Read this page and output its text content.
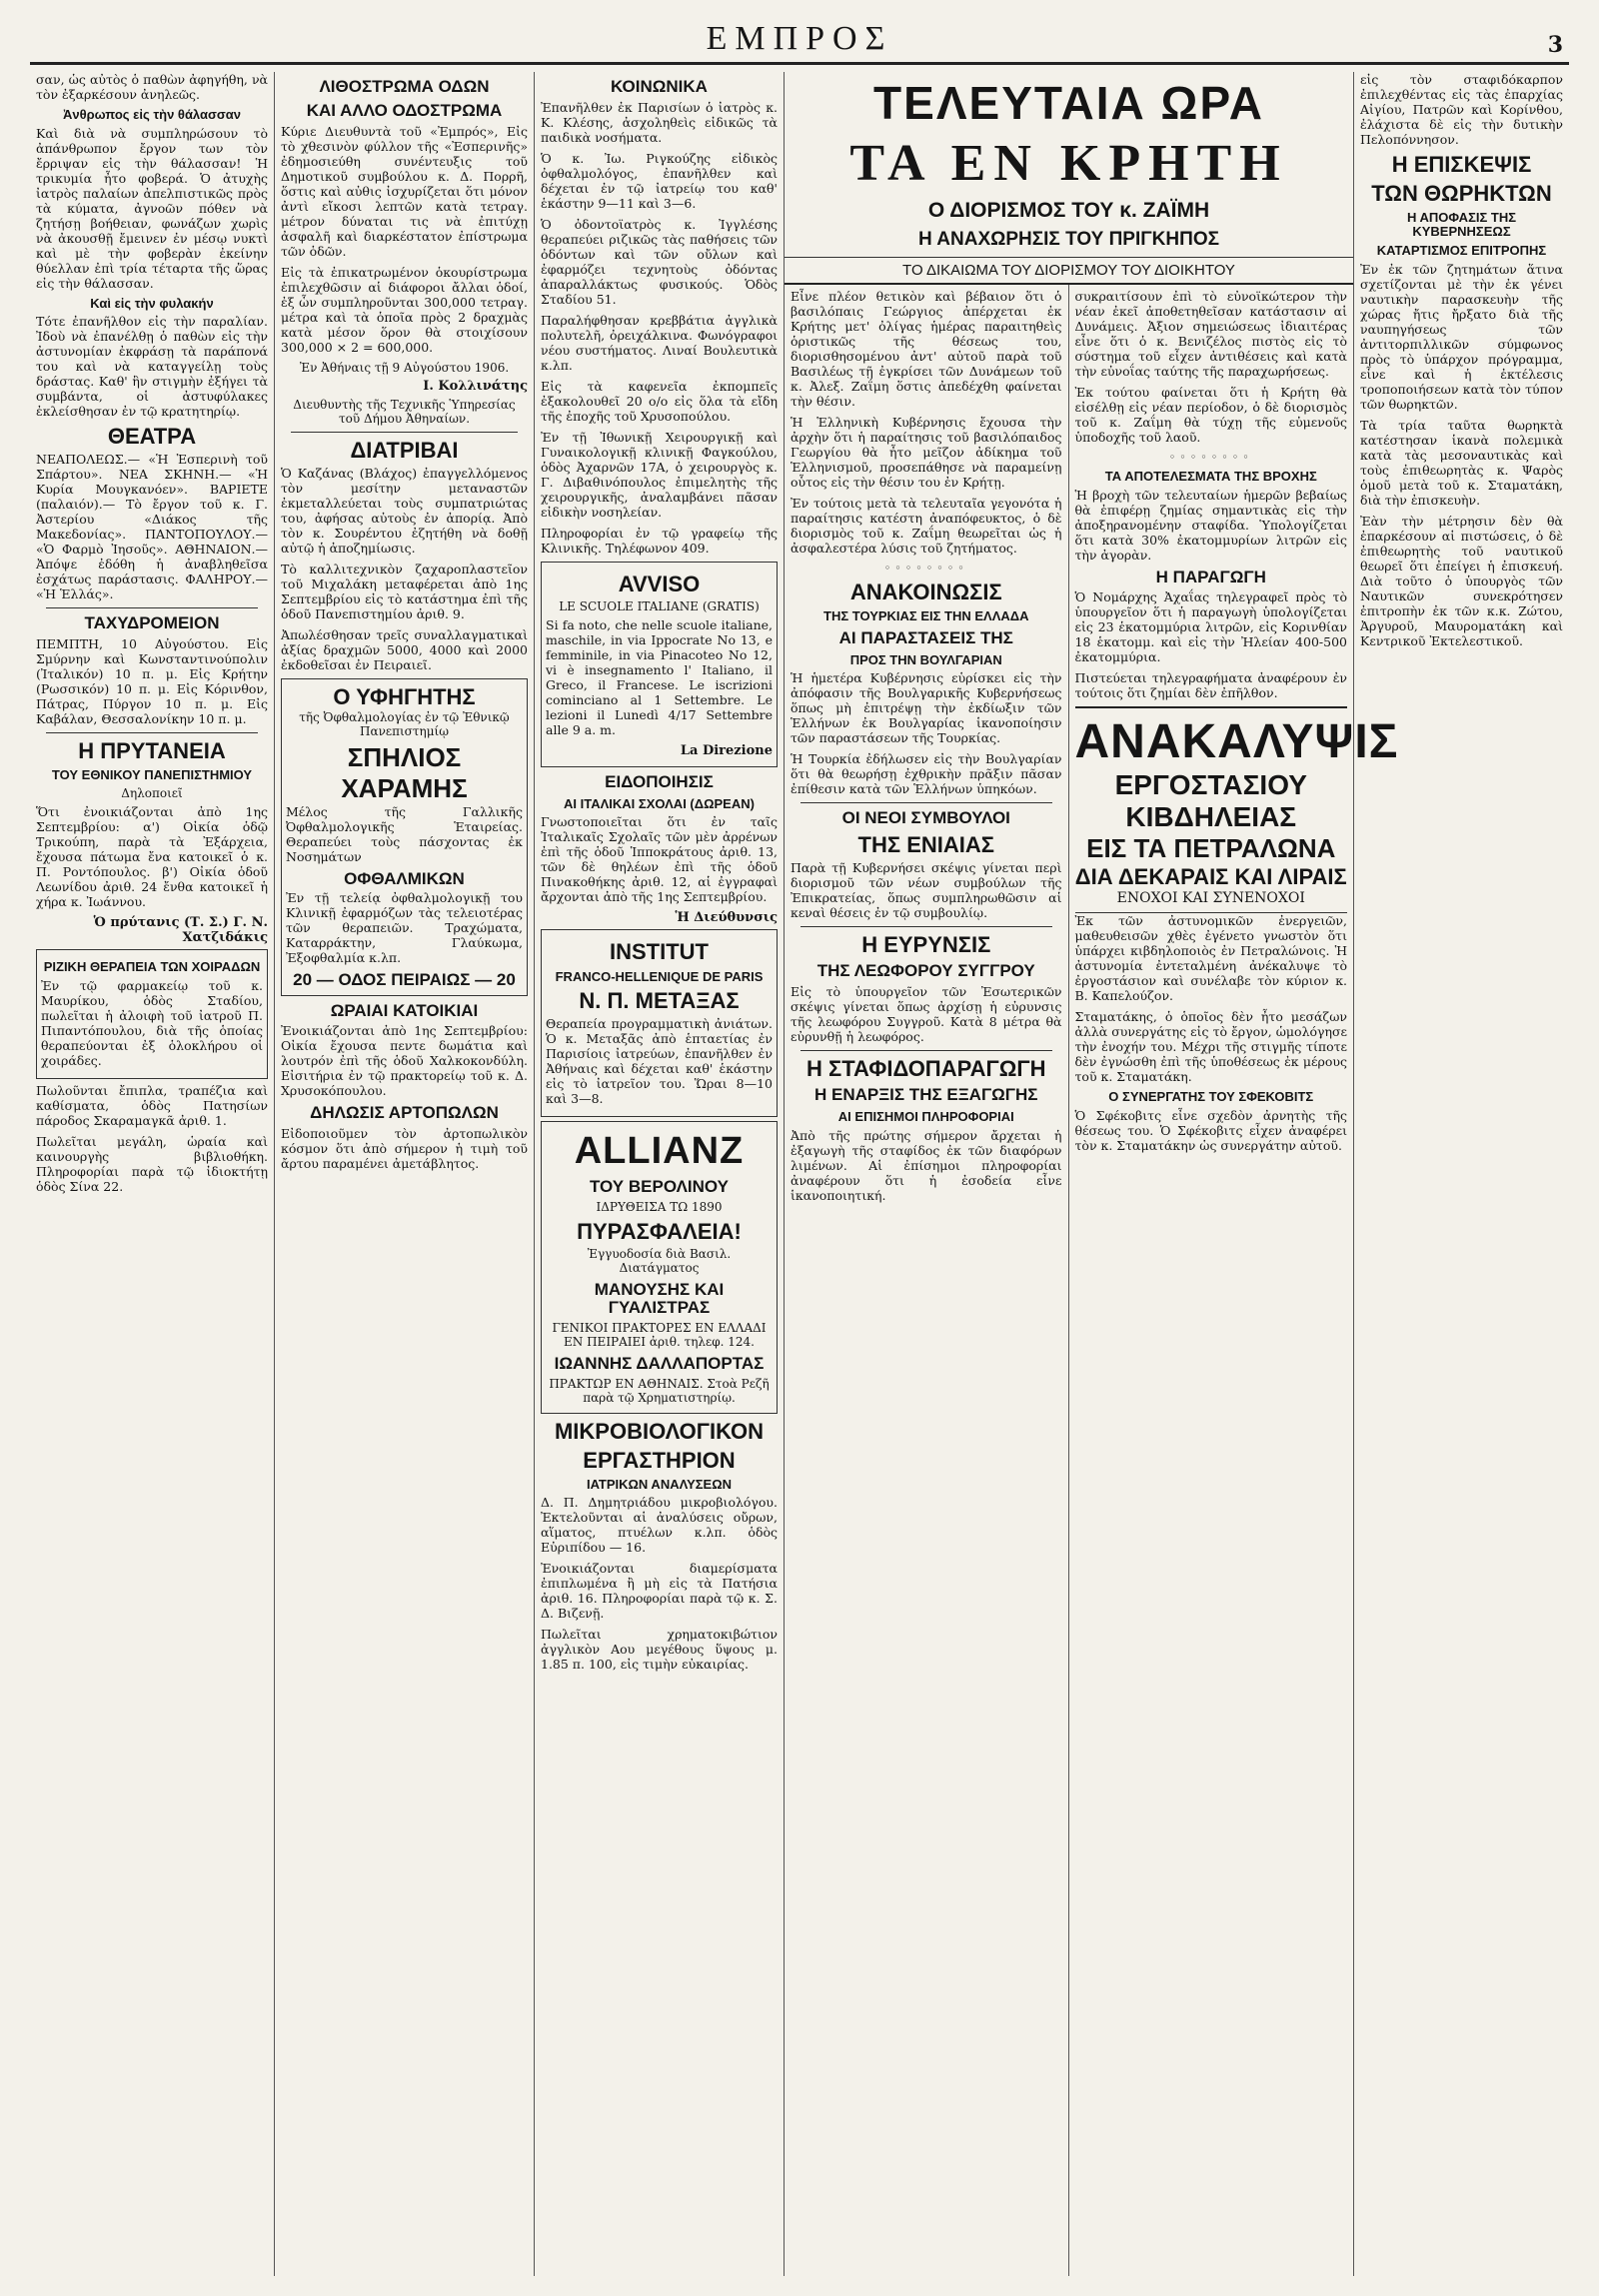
ΕΜΠΡΟΣ	3

σαν, ὡς αὐτὸς ὁ παθὼν ἀφηγήθη, νὰ τὸν ἐξαρκέσουν ἀνηλεῶς.

Ἀνθρωπος εἰς τὴν θάλασσαν

Καὶ διὰ νὰ συμπληρώσουν τὸ ἀπάνθρωπον ἔργον των τὸν ἔρριψαν εἰς τὴν θάλασσαν! Ἡ τρικυμία ἦτο φοβερά. Ὁ ἀτυχὴς ἰατρὸς παλαίων ἀπελπιστικῶς πρὸς τὰ κύματα, ἀγνοῶν πόθεν νὰ ζητήσῃ βοήθειαν, φωνάζων χωρὶς νὰ ἀκουσθῇ ἔμεινεν ἐν μέσῳ νυκτὶ καὶ μὲ τὴν φοβερὰν ἐκείνην θύελλαν ἐπὶ τρία τέταρτα τῆς ὥρας εἰς τὴν θάλασσαν.

Καὶ εἰς τὴν φυλακήν

Τότε ἐπανῆλθον εἰς τὴν παραλίαν. Ἰδοὺ νὰ ἐπανέλθῃ ὁ παθὼν εἰς τὴν ἀστυνομίαν ἐκφράσῃ τὰ παράπονά του καὶ νὰ καταγγείλῃ τοὺς δράστας. Καθ' ἣν στιγμὴν ἐξήγει τὰ συμβάντα, οἱ ἀστυφύλακες ἐκλείσθησαν ἐν τῷ κρατητηρίῳ.

ΘΕΑΤΡΑ

ΝΕΑΠΟΛΕΩΣ.— «Ἡ Ἑσπερινὴ τοῦ Σπάρτου». ΝΕΑ ΣΚΗΝΗ.— «Ἡ Κυρία Μουγκανόεν». ΒΑΡΙΕΤΕ (παλαιόν).— Τὸ ἔργον τοῦ κ. Γ. Ἀστερίου «Διάκος τῆς Μακεδονίας». ΠΑΝΤΟΠΟΥΛΟΥ.— «Ὁ Φαρμὸ Ἰησοῦς». ΑΘΗΝΑΙΟΝ.— Ἀπόψε ἐδόθη ἡ ἀναβληθεῖσα ἐσχάτως παράστασις. ΦΑΛΗΡΟΥ.— «Ἡ Ἑλλάς».

ΤΑΧΥΔΡΟΜΕΙΟΝ

ΠΕΜΠΤΗ, 10 Αὐγούστου. Εἰς Σμύρνην καὶ Κωνσταντινούπολιν (Ἰταλικόν) 10 π. μ. Εἰς Κρήτην (Ρωσσικόν) 10 π. μ. Εἰς Κόρινθον, Πάτρας, Πύργον 10 π. μ. Εἰς Καβάλαν, Θεσσαλονίκην 10 π. μ.

Η ΠΡΥΤΑΝΕΙΑ
ΤΟΥ ΕΘΝΙΚΟΥ ΠΑΝΕΠΙΣΤΗΜΙΟΥ
Δηλοποιεῖ

Ὅτι ἐνοικιάζονται ἀπὸ 1ης Σεπτεμβρίου: α') Οἰκία ὁδῷ Τρικούπη, παρὰ τὰ Ἐξάρχεια, ἔχουσα πάτωμα ἔνα κατοικεῖ ὁ κ. Π. Ροντόπουλος. β') Οἰκία ὁδοῦ Λεωνίδου ἀριθ. 24 ἔνθα κατοικεῖ ἡ χήρα κ. Ἰωάννου.

Ὁ πρύτανις (Τ. Σ.) Γ. Ν. Χατζιδάκις
ΡΙΖΙΚΗ ΘΕΡΑΠΕΙΑ ΤΩΝ ΧΟΙΡΑΔΩΝ

Ἐν τῷ φαρμακείῳ τοῦ κ. Μαυρίκου, ὁδὸς Σταδίου, πωλεῖται ἡ ἀλοιφὴ τοῦ ἰατροῦ Π. Πιπαντόπουλου, διὰ τῆς ὁποίας θεραπεύονται ἐξ ὁλοκλήρου οἱ χοιράδες.

Πωλοῦνται ἔπιπλα, τραπέζια καὶ καθίσματα, ὁδὸς Πατησίων πάροδος Σκαραμαγκᾶ ἀριθ. 1.

Πωλεῖται μεγάλη, ὡραία καὶ καινουργὴς βιβλιοθήκη. Πληροφορίαι παρὰ τῷ ἰδιοκτήτῃ ὁδὸς Σίνα 22.

ΛΙΘΟΣΤΡΩΜΑ ΟΔΩΝ
ΚΑΙ ΑΛΛΟ ΟΔΟΣΤΡΩΜΑ

Κύριε Διευθυντὰ τοῦ «Ἐμπρός», Εἰς τὸ χθεσινὸν φύλλον τῆς «Ἐσπερινῆς» ἐδημοσιεύθη συνέντευξις τοῦ Δημοτικοῦ συμβούλου κ. Δ. Πορρῆ, ὅστις καὶ αὐθις ἰσχυρίζεται ὅτι μόνον ἀντὶ εἴκοσι λεπτῶν κατὰ τετραγ. μέτρον δύναται τις νὰ ἐπιτύχῃ ἀσφαλῆ καὶ διαρκέστατον ἐπίστρωμα τῶν ὁδῶν.

Εἰς τὰ ἐπικατρωμένον ὁκουρίστρωμα ἐπιλεχθῶσιν αἱ διάφοροι ἄλλαι ὁδοί, ἐξ ὧν συμπληροῦνται 300,000 τετραγ. μέτρα καὶ τὰ ὁποῖα πρὸς 2 δραχμὰς κατὰ μέσον ὅρον θὰ στοιχίσουν 300,000 × 2 = 600,000.

Ἐν Ἀθήναις τῇ 9 Αὐγούστου 1906.
Ι. Κολλινάτης
Διευθυντὴς τῆς Τεχνικῆς Ὑπηρεσίας τοῦ Δήμου Ἀθηναίων.
ΔΙΑΤΡΙΒΑΙ

Ὁ Καζάνας (Βλάχος) ἐπαγγελλόμενος τὸν μεσίτην μεταναστῶν ἐκμεταλλεύεται τοὺς συμπατριώτας του, ἀφήσας αὐτοὺς ἐν ἀπορίᾳ. Ἀπὸ τὸν κ. Σουρέντου ἐζητήθη νὰ δοθῇ αὐτῷ ἡ ἀποζημίωσις.

Τὸ καλλιτεχνικὸν ζαχαροπλαστεῖον τοῦ Μιχαλάκη μεταφέρεται ἀπὸ 1ης Σεπτεμβρίου εἰς τὸ κατάστημα ἐπὶ τῆς ὁδοῦ Πανεπιστημίου ἀριθ. 9.

Ἀπωλέσθησαν τρεῖς συναλλαγματικαὶ ἀξίας δραχμῶν 5000, 4000 καὶ 2000 ἐκδοθεῖσαι ἐν Πειραιεῖ.

Ο ΥΦΗΓΗΤΗΣ
τῆς Ὀφθαλμολογίας ἐν τῷ Ἐθνικῷ Πανεπιστημίῳ
ΣΠΗΛΙΟΣ
ΧΑΡΑΜΗΣ

Μέλος τῆς Γαλλικῆς Ὀφθαλμολογικῆς Ἑταιρείας. Θεραπεύει τοὺς πάσχοντας ἐκ Νοσημάτων

ΟΦΘΑΛΜΙΚΩΝ

Ἐν τῇ τελείᾳ ὀφθαλμολογικῇ του Κλινικῇ ἐφαρμόζων τὰς τελειοτέρας τῶν θεραπειῶν. Τραχώματα, Καταρράκτην, Γλαύκωμα, Ἐξοφθαλμία κ.λπ.

20 — ΟΔΟΣ ΠΕΙΡΑΙΩΣ — 20
ΩΡΑΙΑΙ ΚΑΤΟΙΚΙΑΙ

Ἐνοικιάζονται ἀπὸ 1ης Σεπτεμβρίου: Οἰκία ἔχουσα πεντε δωμάτια καὶ λουτρόν ἐπὶ τῆς ὁδοῦ Χαλκοκονδύλη. Εἰσιτήρια ἐν τῷ πρακτορείῳ τοῦ κ. Δ. Χρυσοκόπουλου.

ΔΗΛΩΣΙΣ ΑΡΤΟΠΩΛΩΝ

Εἰδοποιοῦμεν τὸν ἀρτοπωλικὸν κόσμον ὅτι ἀπὸ σήμερον ἡ τιμὴ τοῦ ἄρτου παραμένει ἀμετάβλητος.

ΚΟΙΝΩΝΙΚΑ

Ἐπανῆλθεν ἐκ Παρισίων ὁ ἰατρὸς κ. Κ. Κλέσης, ἀσχοληθεὶς εἰδικῶς τὰ παιδικὰ νοσήματα.

Ὁ κ. Ἰω. Ριγκούζης εἰδικὸς ὀφθαλμολόγος, ἐπανῆλθεν καὶ δέχεται ἐν τῷ ἰατρείῳ του καθ' ἑκάστην 9—11 καὶ 3—6.

Ὁ ὀδοντοϊατρὸς κ. Ἰγγλέσης θεραπεύει ριζικῶς τὰς παθήσεις τῶν ὀδόντων καὶ τῶν οὔλων καὶ ἐφαρμόζει τεχνητοὺς ὀδόντας ἀπαραλλάκτως φυσικούς. Ὁδὸς Σταδίου 51.

Παραλήφθησαν κρεββάτια ἀγγλικὰ πολυτελῆ, ὀρειχάλκινα. Φωνόγραφοι νέου συστήματος. Λιναί Βουλευτικὰ κ.λπ.

Εἰς τὰ καφενεῖα ἐκπομπεῖς ἐξακολουθεῖ 20 ο/ο εἰς ὅλα τὰ εἴδη τῆς ἐποχῆς τοῦ Χρυσοπούλου.

Ἐν τῇ Ἰθωνικῇ Χειρουργικῇ καὶ Γυναικολογικῇ κλινικῇ Φαγκούλου, ὁδὸς Ἀχαρνῶν 17Α, ὁ χειρουργὸς κ. Γ. Διβαθινόπουλος ἐπιμελητὴς τῆς χειρουργικῆς, ἀναλαμβάνει πᾶσαν εἰδικὴν νοσηλείαν.

Πληροφορίαι ἐν τῷ γραφείῳ τῆς Κλινικῆς. Τηλέφωνον 409.

AVVISO
LE SCUOLE ITALIANE (GRATIS)

Si fa noto, che nelle scuole italiane, maschile, in via Ippocrate No 13, e femminile, in via Pinacoteo No 12, vi è insegnamento l' Italiano, il Greco, il Francese. Le iscrizioni cominciano al 1 Settembre. Le lezioni il Lunedì 4/17 Settembre alle 9 a. m.

La Direzione
ΕΙΔΟΠΟΙΗΣΙΣ
ΑΙ ΙΤΑΛΙΚΑΙ ΣΧΟΛΑΙ (ΔΩΡΕΑΝ)

Γνωστοποιεῖται ὅτι ἐν ταῖς Ἰταλικαῖς Σχολαῖς τῶν μὲν ἀρρένων ἐπὶ τῆς ὁδοῦ Ἱπποκράτους ἀριθ. 13, τῶν δὲ θηλέων ἐπὶ τῆς ὁδοῦ Πινακοθήκης ἀριθ. 12, αἱ ἐγγραφαὶ ἄρχονται ἀπὸ τῆς 1ης Σεπτεμβρίου.

Ἡ Διεύθυνσις
INSTITUT
FRANCO-HELLENIQUE DE PARIS
Ν. Π. ΜΕΤΑΞΑΣ

Θεραπεία προγραμματικὴ ἀνιάτων. Ὁ κ. Μεταξᾶς ἀπὸ ἑπταετίας ἐν Παρισίοις ἰατρεύων, ἐπανῆλθεν ἐν Ἀθήναις καὶ δέχεται καθ' ἑκάστην εἰς τὸ ἰατρεῖον του. Ὥραι 8—10 καὶ 3—8.

ALLIANZ
ΤΟΥ ΒΕΡΟΛΙΝΟΥ
ΙΔΡΥΘΕΙΣΑ ΤΩ 1890
ΠΥΡΑΣΦΑΛΕΙΑ!
Ἐγγυοδοσία διὰ Βασιλ. Διατάγματος
ΜΑΝΟΥΣΗΣ ΚΑΙ ΓΥΑΛΙΣΤΡΑΣ
ΓΕΝΙΚΟΙ ΠΡΑΚΤΟΡΕΣ ΕΝ ΕΛΛΑΔΙ ΕΝ ΠΕΙΡΑΙΕΙ ἀριθ. τηλεφ. 124.
ΙΩΑΝΝΗΣ ΔΑΛΛΑΠΟΡΤΑΣ
ΠΡΑΚΤΩΡ ΕΝ ΑΘΗΝΑΙΣ. Στοὰ Ρεζῆ παρὰ τῷ Χρηματιστηρίῳ.
ΜΙΚΡΟΒΙΟΛΟΓΙΚΟΝ
ΕΡΓΑΣΤΗΡΙΟΝ
ΙΑΤΡΙΚΩΝ ΑΝΑΛΥΣΕΩΝ

Δ. Π. Δημητριάδου μικροβιολόγου. Ἐκτελοῦνται αἱ ἀναλύσεις οὔρων, αἵματος, πτυέλων κ.λπ. ὁδὸς Εὐριπίδου — 16.

Ἐνοικιάζονται διαμερίσματα ἐπιπλωμένα ἢ μὴ εἰς τὰ Πατήσια ἀριθ. 16. Πληροφορίαι παρὰ τῷ κ. Σ. Δ. Βιζενῇ.

Πωλεῖται χρηματοκιβώτιον ἀγγλικὸν Αου μεγέθους ὕψους μ. 1.85 π. 100, εἰς τιμὴν εὐκαιρίας.

ΤΕΛΕΥΤΑΙΑ ΩΡΑ
ΤΑ ΕΝ ΚΡΗΤΗ
Ο ΔΙΟΡΙΣΜΟΣ ΤΟΥ κ. ΖΑΪΜΗ
Η ΑΝΑΧΩΡΗΣΙΣ ΤΟΥ ΠΡΙΓΚΗΠΟΣ
ΤΟ ΔΙΚΑΙΩΜΑ ΤΟΥ ΔΙΟΡΙΣΜΟΥ ΤΟΥ ΔΙΟΙΚΗΤΟΥ

Εἶνε πλέον θετικὸν καὶ βέβαιον ὅτι ὁ βασιλόπαις Γεώργιος ἀπέρχεται ἐκ Κρήτης μετ' ὀλίγας ἡμέρας παραιτηθεὶς ὁριστικῶς τῆς θέσεως του, διορισθησομένου ἀντ' αὐτοῦ παρὰ τοῦ Βασιλέως τῇ ἐγκρίσει τῶν Δυνάμεων τοῦ κ. Ἀλεξ. Ζαΐμη ὅστις ἀπεδέχθη φαίνεται τὴν θέσιν.

Ἡ Ἑλληνικὴ Κυβέρνησις ἔχουσα τὴν ἀρχὴν ὅτι ἡ παραίτησις τοῦ βασιλόπαιδος Γεωργίου θὰ ἦτο μεῖζον ἀδίκημα τοῦ Ἑλληνισμοῦ, προσεπάθησε νὰ παραμείνῃ οὗτος εἰς τὴν θέσιν του ἐν Κρήτῃ.

Ἐν τούτοις μετὰ τὰ τελευταῖα γεγονότα ἡ παραίτησις κατέστη ἀναπόφευκτος, ὁ δὲ διορισμὸς τοῦ κ. Ζαΐμη θεωρεῖται ὡς ἡ ἀσφαλεστέρα λύσις τοῦ ζητήματος.

◦◦◦◦◦◦◦◦
ΑΝΑΚΟΙΝΩΣΙΣ
ΤΗΣ ΤΟΥΡΚΙΑΣ ΕΙΣ ΤΗΝ ΕΛΛΑΔΑ
ΑΙ ΠΑΡΑΣΤΑΣΕΙΣ ΤΗΣ
ΠΡΟΣ ΤΗΝ ΒΟΥΛΓΑΡΙΑΝ

Ἡ ἡμετέρα Κυβέρνησις εὑρίσκει εἰς τὴν ἀπόφασιν τῆς Βουλγαρικῆς Κυβερνήσεως ὅπως μὴ ἐπιτρέψῃ τὴν ἐκδίωξιν τῶν Ἑλλήνων ἐκ Βουλγαρίας ἱκανοποίησιν τῶν παραστάσεων τῆς Τουρκίας.

Ἡ Τουρκία ἐδήλωσεν εἰς τὴν Βουλγαρίαν ὅτι θὰ θεωρήσῃ ἐχθρικὴν πρᾶξιν πᾶσαν ἐπίθεσιν κατὰ τῶν Ἑλλήνων ὑπηκόων.

ΟΙ ΝΕΟΙ ΣΥΜΒΟΥΛΟΙ
ΤΗΣ ΕΝΙΑΙΑΣ

Παρὰ τῇ Κυβερνήσει σκέψις γίνεται περὶ διορισμοῦ τῶν νέων συμβούλων τῆς Ἐπικρατείας, ὅπως συμπληρωθῶσιν αἱ κεναὶ θέσεις ἐν τῷ συμβουλίῳ.

Η ΕΥΡΥΝΣΙΣ
ΤΗΣ ΛΕΩΦΟΡΟΥ ΣΥΓΓΡΟΥ

Εἰς τὸ ὑπουργεῖον τῶν Ἐσωτερικῶν σκέψις γίνεται ὅπως ἀρχίσῃ ἡ εὐρυνσις τῆς λεωφόρου Συγγροῦ. Κατὰ 8 μέτρα θὰ εὐρυνθῇ ἡ λεωφόρος.

Η ΣΤΑΦΙΔΟΠΑΡΑΓΩΓΗ
Η ΕΝΑΡΞΙΣ ΤΗΣ ΕΞΑΓΩΓΗΣ
ΑΙ ΕΠΙΣΗΜΟΙ ΠΛΗΡΟΦΟΡΙΑΙ

Ἀπὸ τῆς πρώτης σήμερον ἄρχεται ἡ ἐξαγωγὴ τῆς σταφίδος ἐκ τῶν διαφόρων λιμένων. Αἱ ἐπίσημοι πληροφορίαι ἀναφέρουν ὅτι ἡ ἐσοδεία εἶνε ἱκανοποιητική.

συκραιτίσουν ἐπὶ τὸ εὐνοϊκώτερον τὴν νέαν ἐκεῖ ἀποθετηθεῖσαν κατάστασιν αἱ Δυνάμεις. Ἀξιον σημειώσεως ἰδιαιτέρας εἶνε ὅτι ὁ κ. Βενιζέλος πιστὸς εἰς τὸ σύστημα τοῦ εἶχεν ἀντιθέσεις καὶ κατὰ τὴν εὐνοΐας ταύτης τῆς παραχωρήσεως.

Ἐκ τούτου φαίνεται ὅτι ἡ Κρήτη θὰ εἰσέλθῃ εἰς νέαν περίοδον, ὁ δὲ διορισμὸς τοῦ κ. Ζαΐμη θὰ τύχῃ τῆς εὐμενοῦς ὑποδοχῆς τοῦ λαοῦ.

◦◦◦◦◦◦◦◦
ΤΑ ΑΠΟΤΕΛΕΣΜΑΤΑ ΤΗΣ ΒΡΟΧΗΣ

Ἡ βροχὴ τῶν τελευταίων ἡμερῶν βεβαίως θὰ ἐπιφέρῃ ζημίας σημαντικὰς εἰς τὴν ἀποξηρανομένην σταφίδα. Ὑπολογίζεται ὅτι κατὰ 30% ἐκατομμυρίων λιτρῶν εἰς τὴν ἀγορὰν.

Η ΠΑΡΑΓΩΓΗ

Ὁ Νομάρχης Ἀχαΐας τηλεγραφεῖ πρὸς τὸ ὑπουργεῖον ὅτι ἡ παραγωγὴ ὑπολογίζεται εἰς 23 ἑκατομμύρια λιτρῶν, εἰς Κορινθίαν 18 ἑκατομμ. καὶ εἰς τὴν Ἠλείαν 400-500 ἐκατομμύρια.

Πιστεύεται τηλεγραφήματα ἀναφέρουν ἐν τούτοις ὅτι ζημίαι δὲν ἐπῆλθον.

ΑΝΑΚΑΛΥΨΙΣ
ΕΡΓΟΣΤΑΣΙΟΥ ΚΙΒΔΗΛΕΙΑΣ
ΕΙΣ ΤΑ ΠΕΤΡΑΛΩΝΑ
ΔΙΑ ΔΕΚΑΡΑΙΣ ΚΑΙ ΛΙΡΑΙΣ
ΕΝΟΧΟΙ ΚΑΙ ΣΥΝΕΝΟΧΟΙ

Ἐκ τῶν ἀστυνομικῶν ἐνεργειῶν, μαθευθεισῶν χθὲς ἐγένετο γνωστὸν ὅτι ὑπάρχει κιβδηλοποιὸς ἐν Πετραλώνοις. Ἡ ἀστυνομία ἐντεταλμένη ἀνέκαλυψε τὸ ἐργοστάσιον καὶ συνέλαβε τὸν κύριον κ. Β. Καπελούζον.

Σταματάκης, ὁ ὁποῖος δὲν ἦτο μεσάζων ἀλλὰ συνεργάτης εἰς τὸ ἔργον, ὡμολόγησε τὴν ἐνοχήν του. Μέχρι τῆς στιγμῆς τίποτε δὲν ἐγνώσθη ἐπὶ τῆς ὑποθέσεως ἐκ μέρους τοῦ κ. Σταματάκη.

Ο ΣΥΝΕΡΓΑΤΗΣ ΤΟΥ ΣΦΕΚΟΒΙΤΣ

Ὁ Σφέκοβιτς εἶνε σχεδὸν ἀρνητὴς τῆς θέσεως του. Ὁ Σφέκοβιτς εἶχεν ἀναφέρει τὸν κ. Σταματάκην ὡς συνεργάτην αὐτοῦ.

εἰς τὸν σταφιδόκαρπον ἐπιλεχθέντας εἰς τὰς ἐπαρχίας Αἰγίου, Πατρῶν καὶ Κορίνθου, ἐλάχιστα δὲ εἰς τὴν δυτικὴν Πελοπόννησον.

Η ΕΠΙΣΚΕΨΙΣ
ΤΩΝ ΘΩΡΗΚΤΩΝ
Η ΑΠΟΦΑΣΙΣ ΤΗΣ ΚΥΒΕΡΝΗΣΕΩΣ
ΚΑΤΑΡΤΙΣΜΟΣ ΕΠΙΤΡΟΠΗΣ

Ἐν ἐκ τῶν ζητημάτων ἅτινα σχετίζονται μὲ τὴν ἐκ γένει ναυτικὴν παρασκευὴν τῆς χώρας ἤτις ἤρξατο διὰ τῆς ναυπηγήσεως τῶν ἀντιτορπιλλικῶν σύμφωνος πρὸς τὸ ὑπάρχον πρόγραμμα, εἶνε καὶ ἡ ἐκτέλεσις τροποποιήσεων κατὰ τὸν τύπον τῶν θωρηκτῶν.

Τὰ τρία ταῦτα θωρηκτὰ κατέστησαν ἱκανὰ πολεμικὰ κατὰ τὰς μεσοναυτικὰς καὶ τοὺς ἐπιθεωρητὰς κ. Ψαρὸς ὁμοῦ μετὰ τοῦ κ. Σταματάκη, διὰ τὴν ἐπισκευὴν.

Ἐὰν τὴν μέτρησιν δὲν θὰ ἐπαρκέσουν αἱ πιστώσεις, ὁ δὲ ἐπιθεωρητὴς τοῦ ναυτικοῦ θεωρεῖ ὅτι ἐπείγει ἡ ἐπισκευή. Διὰ τοῦτο ὁ ὑπουργὸς τῶν Ναυτικῶν συνεκρότησεν ἐπιτροπὴν ἐκ τῶν κ.κ. Ζώτου, Ἀργυροῦ, Μαυροματάκη καὶ Κεντρικοῦ Ἐκτελεστικοῦ.
